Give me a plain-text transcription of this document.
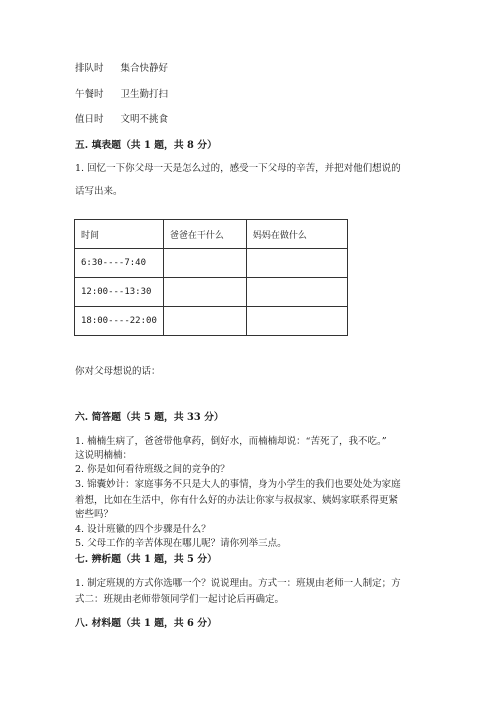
排队时 集合快静好
午餐时 卫生勤打扫
值日时 文明不挑食
五. 填表题（共 1 题，共 8 分）
1. 回忆一下你父母一天是怎么过的，感受一下父母的辛苦，并把对他们想说的
话写出来。
时间	爸爸在干什么	妈妈在做什么
6:30----7:40		
12:00---13:30		
18:00----22:00		
你对父母想说的话：
六. 简答题（共 5 题，共 33 分）
1. 楠楠生病了，爸爸带他拿药，倒好水，而楠楠却说：“苦死了，我不吃。”
这说明楠楠：
2. 你是如何看待班级之间的竞争的？
3. 锦囊妙计：家庭事务不只是大人的事情，身为小学生的我们也要处处为家庭
着想，比如在生活中，你有什么好的办法让你家与叔叔家、姨妈家联系得更紧
密些吗？
4. 设计班徽的四个步骤是什么？
5. 父母工作的辛苦体现在哪儿呢？请你列举三点。
七. 辨析题（共 1 题，共 5 分）
1. 制定班规的方式你选哪一个？说说理由。方式一：班规由老师一人制定；方
式二：班规由老师带领同学们一起讨论后再确定。
八. 材料题（共 1 题，共 6 分）
